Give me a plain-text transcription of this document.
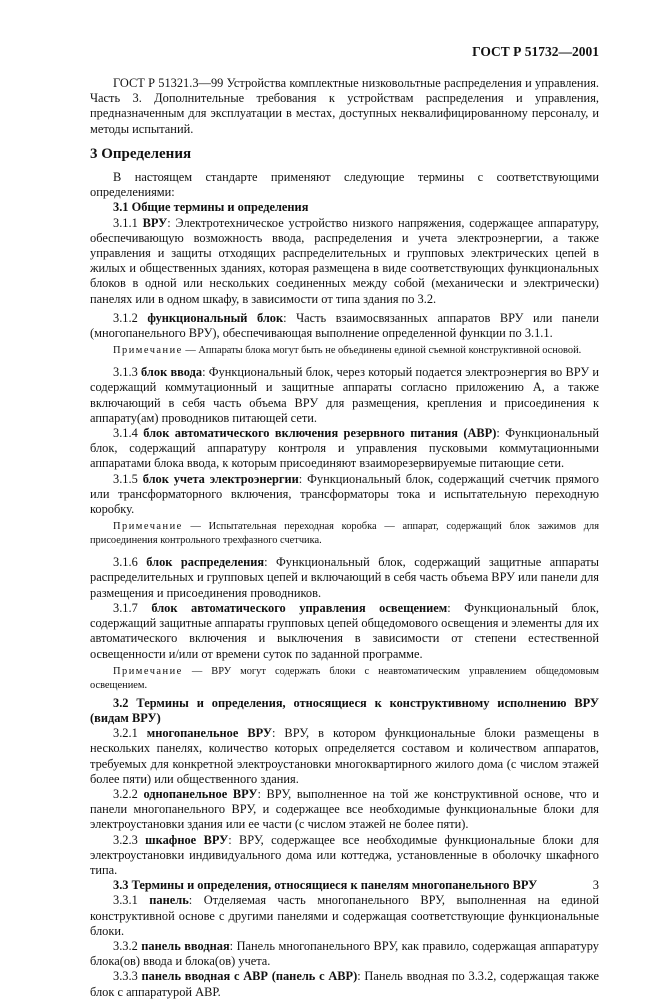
ГОСТ Р 51732—2001

ГОСТ Р 51321.3—99 Устройства комплектные низковольтные распределения и управления. Часть 3. Дополнительные требования к устройствам распределения и управления, предназначенным для эксплуатации в местах, доступных неквалифицированному персоналу, и методы испытаний.

3 Определения

В настоящем стандарте применяют следующие термины с соответствующими определениями:

3.1 Общие термины и определения

3.1.1 ВРУ: Электротехническое устройство низкого напряжения, содержащее аппаратуру, обеспечивающую возможность ввода, распределения и учета электроэнергии, а также управления и защиты отходящих распределительных и групповых электрических цепей в жилых и общественных зданиях, которая размещена в виде соответствующих функциональных блоков в одной или нескольких соединенных между собой (механически и электрически) панелях или в одном шкафу, в зависимости от типа здания по 3.2.

3.1.2 функциональный блок: Часть взаимосвязанных аппаратов ВРУ или панели (многопанельного ВРУ), обеспечивающая выполнение определенной функции по 3.1.1.

Примечание — Аппараты блока могут быть не объединены единой съемной конструктивной основой.

3.1.3 блок ввода: Функциональный блок, через который подается электроэнергия во ВРУ и содержащий коммутационный и защитные аппараты согласно приложению А, а также включающий в себя часть объема ВРУ для размещения, крепления и присоединения к аппарату(ам) проводников питающей сети.

3.1.4 блок автоматического включения резервного питания (АВР): Функциональный блок, содержащий аппаратуру контроля и управления пусковыми коммутационными аппаратами блока ввода, к которым присоединяют взаиморезервируемые питающие сети.

3.1.5 блок учета электроэнергии: Функциональный блок, содержащий счетчик прямого или трансформаторного включения, трансформаторы тока и испытательную переходную коробку.

Примечание — Испытательная переходная коробка — аппарат, содержащий блок зажимов для присоединения контрольного трехфазного счетчика.

3.1.6 блок распределения: Функциональный блок, содержащий защитные аппараты распределительных и групповых цепей и включающий в себя часть объема ВРУ или панели для размещения и присоединения проводников.

3.1.7 блок автоматического управления освещением: Функциональный блок, содержащий защитные аппараты групповых цепей общедомового освещения и элементы для их автоматического включения и выключения в зависимости от степени естественной освещенности и/или от времени суток по заданной программе.

Примечание — ВРУ могут содержать блоки с неавтоматическим управлением общедомовым освещением.

3.2 Термины и определения, относящиеся к конструктивному исполнению ВРУ (видам ВРУ)

3.2.1 многопанельное ВРУ: ВРУ, в котором функциональные блоки размещены в нескольких панелях, количество которых определяется составом и количеством аппаратов, требуемых для конкретной электроустановки многоквартирного жилого дома (с числом этажей более пяти) или общественного здания.

3.2.2 однопанельное ВРУ: ВРУ, выполненное на той же конструктивной основе, что и панели многопанельного ВРУ, и содержащее все необходимые функциональные блоки для электроустановки здания или ее части (с числом этажей не более пяти).

3.2.3 шкафное ВРУ: ВРУ, содержащее все необходимые функциональные блоки для электроустановки индивидуального дома или коттеджа, установленные в оболочку шкафного типа.

3.3 Термины и определения, относящиеся к панелям многопанельного ВРУ

3.3.1 панель: Отделяемая часть многопанельного ВРУ, выполненная на единой конструктивной основе с другими панелями и содержащая соответствующие функциональные блоки.

3.3.2 панель вводная: Панель многопанельного ВРУ, как правило, содержащая аппаратуру блока(ов) ввода и блока(ов) учета.

3.3.3 панель вводная с АВР (панель с АВР): Панель вводная по 3.3.2, содержащая также блок с аппаратурой АВР.

3
